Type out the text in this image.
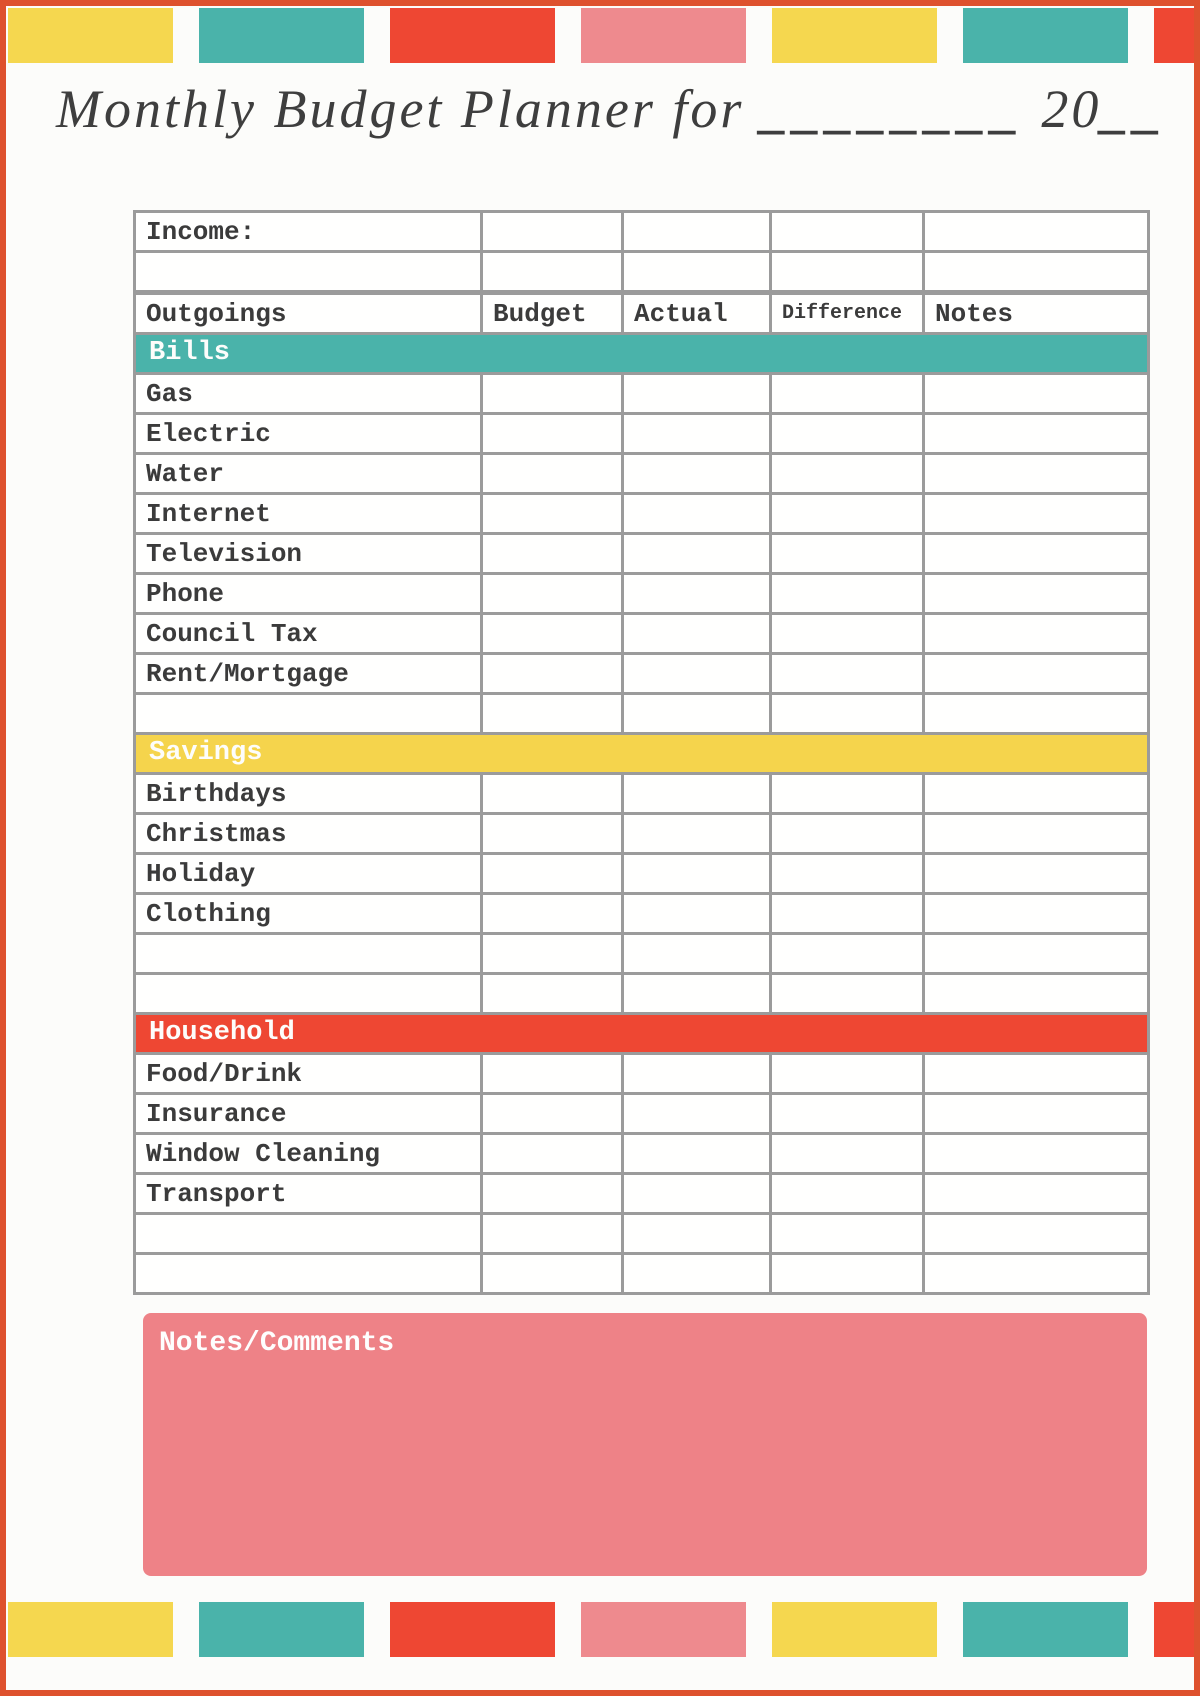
Monthly Budget Planner for ________ 20__
Income:				

Outgoings	Budget	Actual	Difference	Notes
Bills				
Gas				
Electric				
Water				
Internet				
Television				
Phone				
Council Tax				
Rent/Mortgage				

Savings				
Birthdays				
Christmas				
Holiday				
Clothing				

Household				
Food/Drink				
Insurance				
Window Cleaning				
Transport				

Notes/Comments
